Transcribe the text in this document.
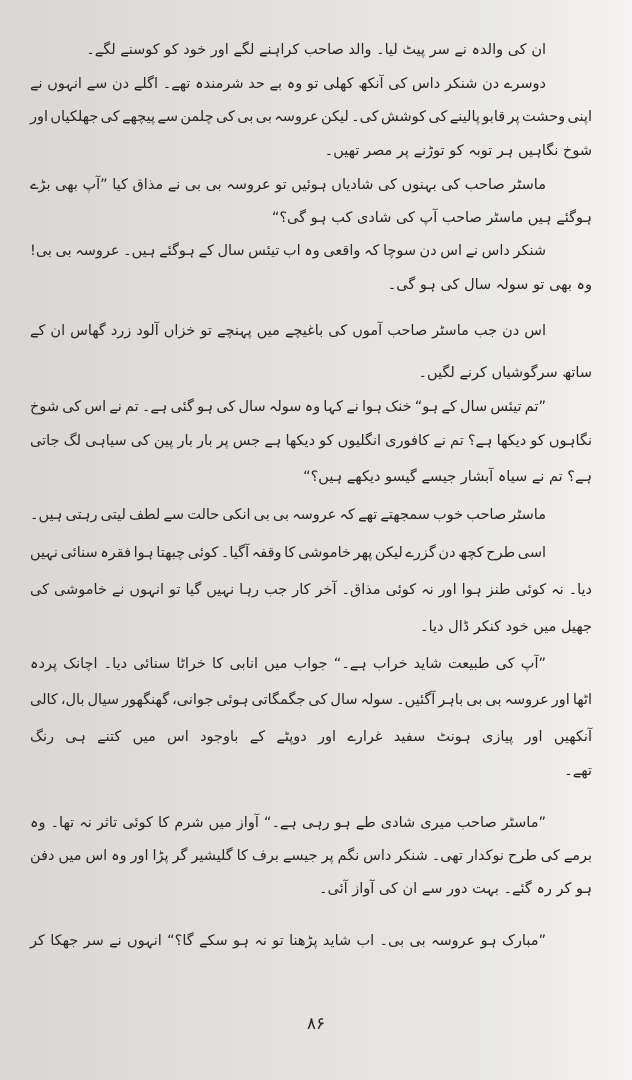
ان کی والدہ نے سر پیٹ لیا۔ والد صاحب کراہنے لگے اور خود کو کوسنے لگے۔
دوسرے دن شنکر داس کی آنکھ کھلی تو وہ بے حد شرمندہ تھے۔ اگلے دن سے انہوں نے
اپنی وحشت پر قابو پالینے کی کوشش کی۔ لیکن عروسہ بی بی کی چلمن سے پیچھے کی جھلکیاں اور
شوخ نگاہیں ہر توبہ کو توڑنے پر مصر تھیں۔
ماسٹر صاحب کی بہنوں کی شادیاں ہوئیں تو عروسہ بی بی نے مذاق کیا ”آپ بھی بڑے
ہوگئے ہیں ماسٹر صاحب آپ کی شادی کب ہو گی؟“
شنکر داس نے اس دن سوچا کہ واقعی وہ اب تیئس سال کے ہوگئے ہیں۔ عروسہ بی بی!
وہ بھی تو سولہ سال کی ہو گی۔
اس دن جب ماسٹر صاحب آموں کی باغیچے میں پہنچے تو خزاں آلود زرد گھاس ان کے
ساتھ سرگوشیاں کرنے لگیں۔
”تم تیئس سال کے ہو“ خنک ہوا نے کہا وہ سولہ سال کی ہو گئی ہے۔ تم نے اس کی شوخ
نگاہوں کو دیکھا ہے؟ تم نے کافوری انگلیوں کو دیکھا ہے جس پر بار بار پین کی سیاہی لگ جاتی
ہے؟ تم نے سیاہ آبشار جیسے گیسو دیکھے ہیں؟“
ماسٹر صاحب خوب سمجھتے تھے کہ عروسہ بی بی انکی حالت سے لطف لیتی رہتی ہیں۔
اسی طرح کچھ دن گزرے لیکن پھر خاموشی کا وقفہ آگیا۔ کوئی چبھتا ہوا فقرہ سنائی نہیں
دیا۔ نہ کوئی طنز ہوا اور نہ کوئی مذاق۔ آخر کار جب رہا نہیں گیا تو انہوں نے خاموشی کی
جھیل میں خود کنکر ڈال دیا۔
”آپ کی طبیعت شاید خراب ہے۔“ جواب میں انابی کا خراٹا سنائی دیا۔ اچانک پردہ
اٹھا اور عروسہ بی بی باہر آگئیں۔ سولہ سال کی جگمگاتی ہوئی جوانی، گھنگھور سیال بال، کالی
آنکھیں اور پیازی ہونٹ سفید غرارے اور دوپٹے کے باوجود اس میں کتنے ہی رنگ
تھے۔
”ماسٹر صاحب میری شادی طے ہو رہی ہے۔“ آواز میں شرم کا کوئی تاثر نہ تھا۔ وہ
برمے کی طرح نوکدار تھی۔ شنکر داس نگم پر جیسے برف کا گلیشیر گر پڑا اور وہ اس میں دفن
ہو کر رہ گئے۔ بہت دور سے ان کی آواز آئی۔
”مبارک ہو عروسہ بی بی۔ اب شاید پڑھنا تو نہ ہو سکے گا؟“ انہوں نے سر جھکا کر
۸۶
